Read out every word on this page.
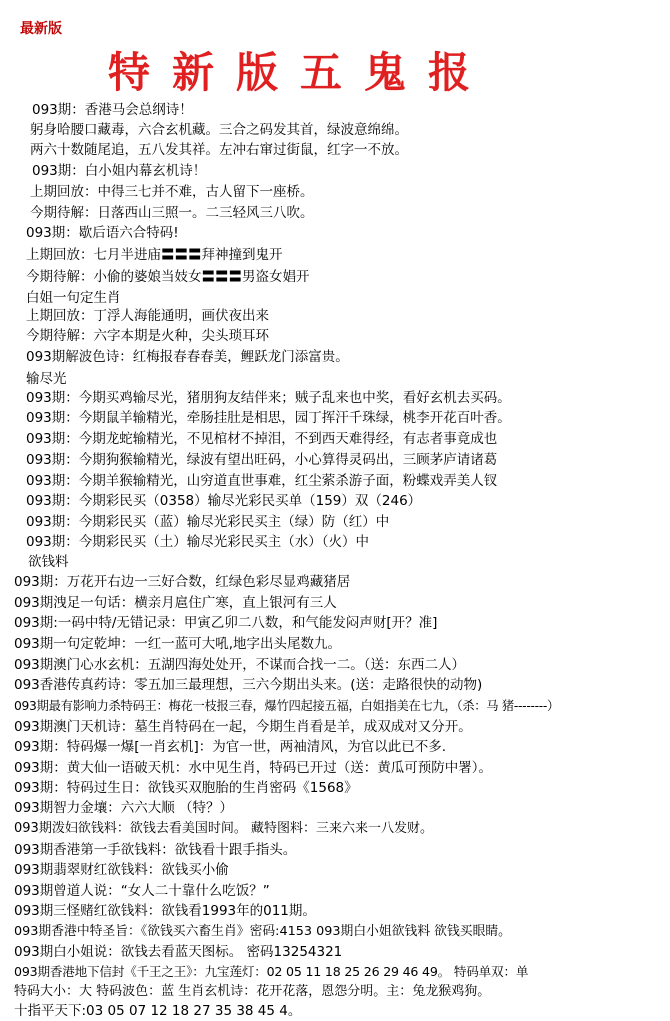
最新版
特新版五鬼报
093期：香港马会总纲诗！
躬身哈腰口藏毒，六合玄机藏。三合之码发其首，绿波意绵绵。
两六十数随尾追，五八发其祥。左冲右窜过街鼠，红字一不放。
093期：白小姐内幕玄机诗！
上期回放：中得三七并不难，古人留下一座桥。
今期待解：日落西山三照一。二三轻风三八吹。
093期：歇后语六合特码!
上期回放：七月半进庙〓〓〓拜神撞到鬼开
今期待解：小偷的婆娘当妓女〓〓〓男盗女娼开
白姐一句定生肖
上期回放：丁浮人海能通明，画伏夜出来
今期待解：六字本期是火种，尖头琐耳环
093期解波色诗：红梅报春春春美，鲤跃龙门添富贵。
输尽光
093期：今期买鸡输尽光，猪朋狗友结伴来；贼子乱来也中奖，看好玄机去买码。
093期：今期鼠羊输精光，牵肠挂肚是相思，园丁挥汗千珠绿，桃李开花百叶香。
093期：今期龙蛇输精光，不见棺材不掉泪，不到西天难得经，有志者事竟成也
093期：今期狗猴输精光，绿波有望出旺码，小心算得灵码出，三顾茅庐请诸葛
093期：今期羊猴输精光，山穷道直世事难，红尘萦杀游子面，粉蝶戏弄美人钗
093期：今期彩民买（0358）输尽光彩民买单（159）双（246）
093期：今期彩民买（蓝）输尽光彩民买主（绿）防（红）中
093期：今期彩民买（土）输尽光彩民买主（水）（火）中
欲钱料
093期：万花开右边一三好合数，红绿色彩尽显鸡藏猪居
093期洩足一句话：横亲月扈住广寒，直上银河有三人
093期:一码中特/无错记录：甲寅乙卯二八数，和气能发闷声财[开？准]
093期一句定乾坤：一红一蓝可大吼,地字出头尾数九。
093期澳门心水玄机：五湖四海处处开，不谋而合找一二。（送：东西二人）
093香港传真药诗：零五加三最理想，三六今期出头来。(送：走路很快的动物)
093期最有影响力杀特码王：梅花一枝报三春，爆竹四起接五福，白姐指美在七九，（杀：马 猪--------）
093期澳门天机诗：墓生肖特码在一起，今期生肖看是羊，成双成对又分开。
093期：特码爆一爆[一肖玄机]：为官一世，两袖清风，为官以此已不多.
093期：黄大仙一语破天机：水中见生肖，特码已开过（送：黄瓜可预防中署）。
093期：特码过生日：欲钱买双胞胎的生肖密码《1568》
093期智力金壤：六六大顺 （特？）
093期泼妇欲钱料：欲钱去看美国时间。 藏特图料：三来六来一八发财。
093期香港第一手欲钱料：欲钱看十跟手指头。
093期翡翠财红欲钱料：欲钱买小偷
093期曾道人说：“女人二十靠什么吃饭？”
093期三怪赌红欲钱料：欲钱看1993年的011期。
093期香港中特圣旨：《欲钱买六畜生肖》密码:4153 093期白小姐欲钱料 欲钱买眼睛。
093期白小姐说：欲钱去看蓝天图标。 密码13254321
093期香港地下信封《千王之王》：九宝莲灯：02 05 11 18 25 26 29 46 49。 特码单双：单
特码大小：大 特码波色：蓝 生肖玄机诗：花开花落，恩怨分明。主：兔龙猴鸡狗。
十指平天下:03 05 07 12 18 27 35 38 45 4。
